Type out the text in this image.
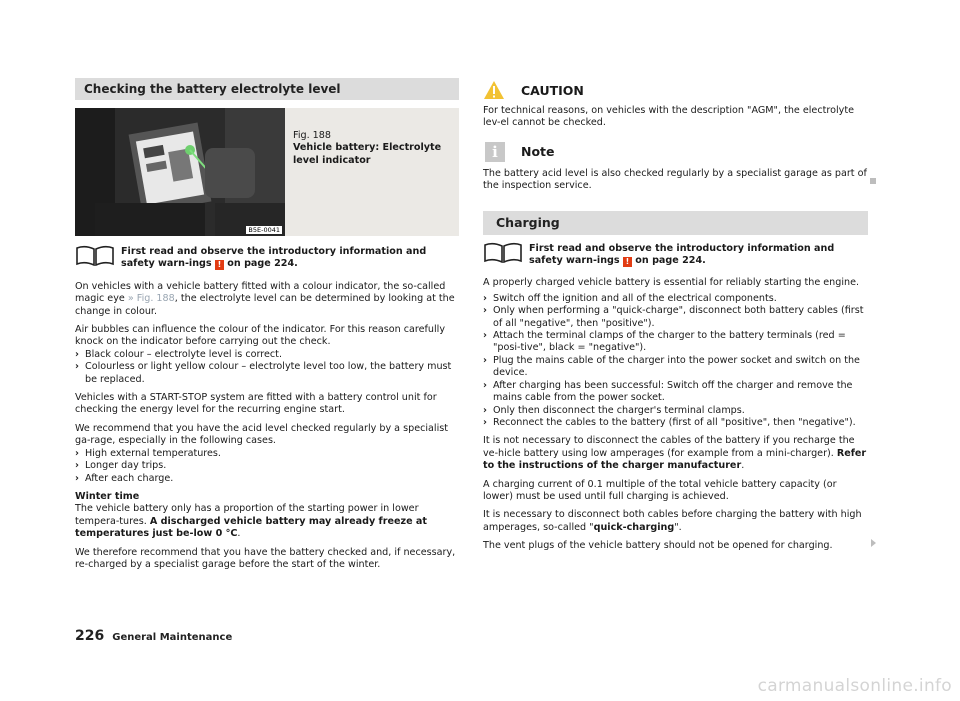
Checking the battery electrolyte level
B5E-0041
Fig. 188
Vehicle battery: Electrolyte level indicator

First read and observe the introductory information and safety warn-ings ! on page 224.

On vehicles with a vehicle battery fitted with a colour indicator, the so-called magic eye » Fig. 188, the electrolyte level can be determined by looking at the change in colour.

Air bubbles can influence the colour of the indicator. For this reason carefully knock on the indicator before carrying out the check.

› Black colour – electrolyte level is correct.
› Colourless or light yellow colour – electrolyte level too low, the battery must be replaced.

Vehicles with a START-STOP system are fitted with a battery control unit for checking the energy level for the recurring engine start.

We recommend that you have the acid level checked regularly by a specialist ga-rage, especially in the following cases.

› High external temperatures.
› Longer day trips.
› After each charge.

Winter time

The vehicle battery only has a proportion of the starting power in lower tempera-tures. A discharged vehicle battery may already freeze at temperatures just be-low 0 °C.

We therefore recommend that you have the battery checked and, if necessary, re-charged by a specialist garage before the start of the winter.

CAUTION

For technical reasons, on vehicles with the description "AGM", the electrolyte lev-el cannot be checked.

i	Note

The battery acid level is also checked regularly by a specialist garage as part of the inspection service.

Charging

First read and observe the introductory information and safety warn-ings ! on page 224.

A properly charged vehicle battery is essential for reliably starting the engine.

› Switch off the ignition and all of the electrical components.
› Only when performing a "quick-charge", disconnect both battery cables (first of all "negative", then "positive").
› Attach the terminal clamps of the charger to the battery terminals (red = "posi-tive", black = "negative").
› Plug the mains cable of the charger into the power socket and switch on the device.
› After charging has been successful: Switch off the charger and remove the mains cable from the power socket.
› Only then disconnect the charger's terminal clamps.
› Reconnect the cables to the battery (first of all "positive", then "negative").

It is not necessary to disconnect the cables of the battery if you recharge the ve-hicle battery using low amperages (for example from a mini-charger). Refer to the instructions of the charger manufacturer.

A charging current of 0.1 multiple of the total vehicle battery capacity (or lower) must be used until full charging is achieved.

It is necessary to disconnect both cables before charging the battery with high amperages, so-called "quick-charging".

The vent plugs of the vehicle battery should not be opened for charging.

226 General Maintenance
carmanualsonline.info
